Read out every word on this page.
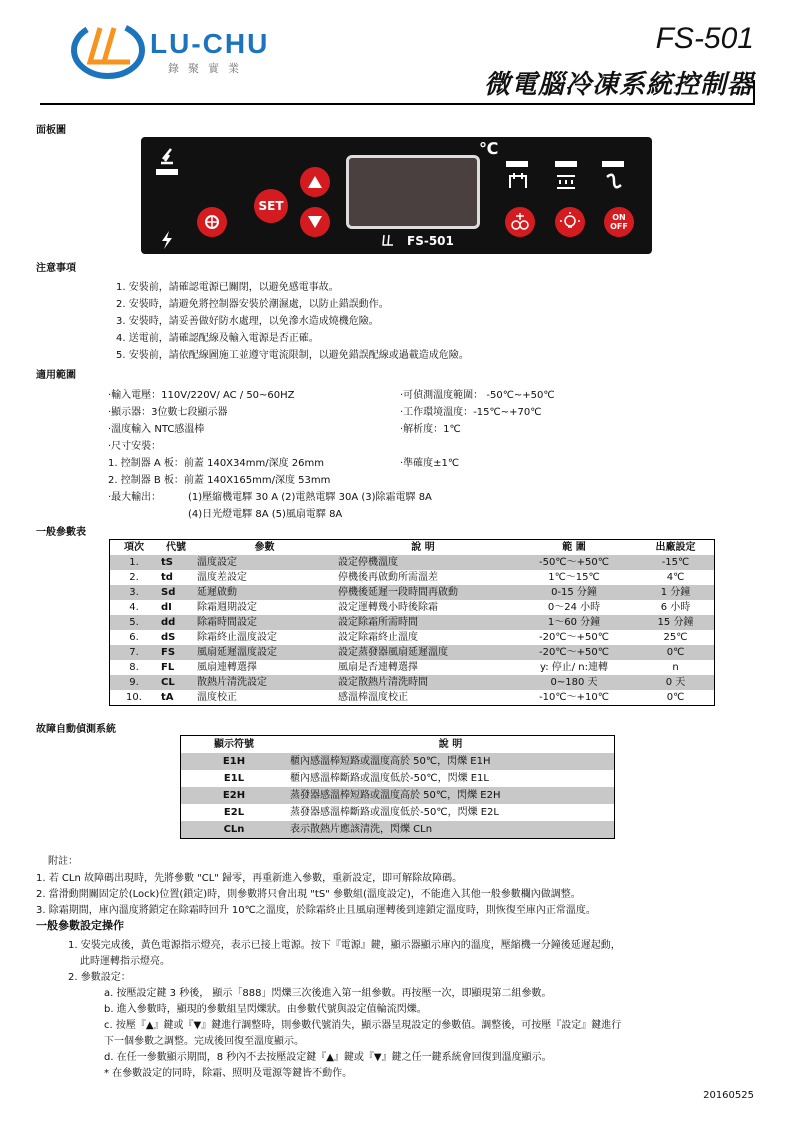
LU-CHU
錄聚實業
FS-501
微電腦冷凍系統控制器
面板圖
SET
℃
FS-501
ON
OFF
注意事項
1. 安裝前，請確認電源已關閉，以避免感電事故。
2. 安裝時，請避免將控制器安裝於潮濕處，以防止錯誤動作。
3. 安裝時，請妥善做好防水處理，以免滲水造成燒機危險。
4. 送電前，請確認配線及輸入電源是否正確。
5. 安裝前，請依配線圖施工並遵守電流限制，以避免錯誤配線或過載造成危險。
適用範圍
‧輸入電壓：110V/220V/ AC / 50~60HZ
‧顯示器：3位數七段顯示器
‧溫度輸入 NTC感溫棒
‧尺寸安裝：
1. 控制器 A 板：前蓋 140X34mm/深度 26mm
2. 控制器 B 板：前蓋 140X165mm/深度 53mm
‧可偵測溫度範圍： -50℃~+50℃
‧工作環境溫度：-15℃~+70℃
‧解析度：1℃
‧準確度±1℃
‧最大輸出：	(1)壓縮機電驛 30 A (2)電熱電驛 30A (3)除霜電驛 8A
(4)日光燈電驛 8A (5)風扇電驛 8A
一般參數表
項次	代號	參數	說 明	範 圍	出廠設定
1.	tS	溫度設定	設定停機溫度	-50℃～+50℃	-15℃
2.	td	溫度差設定	停機後再啟動所需溫差	1℃～15℃	4℃
3.	Sd	延遲啟動	停機後延遲一段時間再啟動	0-15 分鐘	1 分鐘
4.	dI	除霜週期設定	設定運轉幾小時後除霜	0～24 小時	6 小時
5.	dd	除霜時間設定	設定除霜所需時間	1～60 分鐘	15 分鐘
6.	dS	除霜終止溫度設定	設定除霜終止溫度	-20℃～+50℃	25℃
7.	FS	風扇延遲溫度設定	設定蒸發器風扇延遲溫度	-20℃～+50℃	0℃
8.	FL	風扇連轉選擇	風扇是否連轉選擇	y: 停止/ n:連轉	n
9.	CL	散熱片清洗設定	設定散熱片清洗時間	0~180 天	0 天
10.	tA	溫度校正	感溫棒溫度校正	-10℃～+10℃	0℃
故障自動偵測系統
顯示符號	說 明
E1H	櫃內感溫棒短路或溫度高於 50℃，閃爍 E1H
E1L	櫃內感溫棒斷路或溫度低於-50℃，閃爍 E1L
E2H	蒸發器感溫棒短路或溫度高於 50℃，閃爍 E2H
E2L	蒸發器感溫棒斷路或溫度低於-50℃，閃爍 E2L
CLn	表示散熱片應該清洗，閃爍 CLn
附註：
1. 若 CLn 故障碼出現時，先將參數 "CL" 歸零，再重新進入參數，重新設定，即可解除故障碼。
2. 當滑動開關固定於(Lock)位置(鎖定)時，則參數將只會出現 "tS" 參數組(溫度設定)，不能進入其他一般參數欄內做調整。
3. 除霜期間，庫內溫度將鎖定在除霜時回升 10℃之溫度，於除霜終止且風扇運轉後到達鎖定溫度時，則恢復至庫內正常溫度。
一般參數設定操作
1. 安裝完成後，黃色電源指示燈亮，表示已接上電源。按下『電源』鍵，顯示器顯示庫內的溫度，壓縮機一分鐘後延遲起動，
此時運轉指示燈亮。
2. 參數設定：
a. 按壓設定鍵 3 秒後， 顯示「888」閃爍三次後進入第一組參數。再按壓一次，即顯現第二組參數。
b. 進入參數時，顯現的參數組呈閃爍狀。由參數代號與設定值輪流閃爍。
c. 按壓『▲』鍵或『▼』鍵進行調整時，則參數代號消失，顯示器呈現設定的參數值。調整後，可按壓『設定』鍵進行
下一個參數之調整。完成後回復至溫度顯示。
d. 在任一參數顯示期間，8 秒內不去按壓設定鍵『▲』鍵或『▼』鍵之任一鍵系統會回復到溫度顯示。
* 在參數設定的同時，除霜、照明及電源等鍵皆不動作。
20160525
